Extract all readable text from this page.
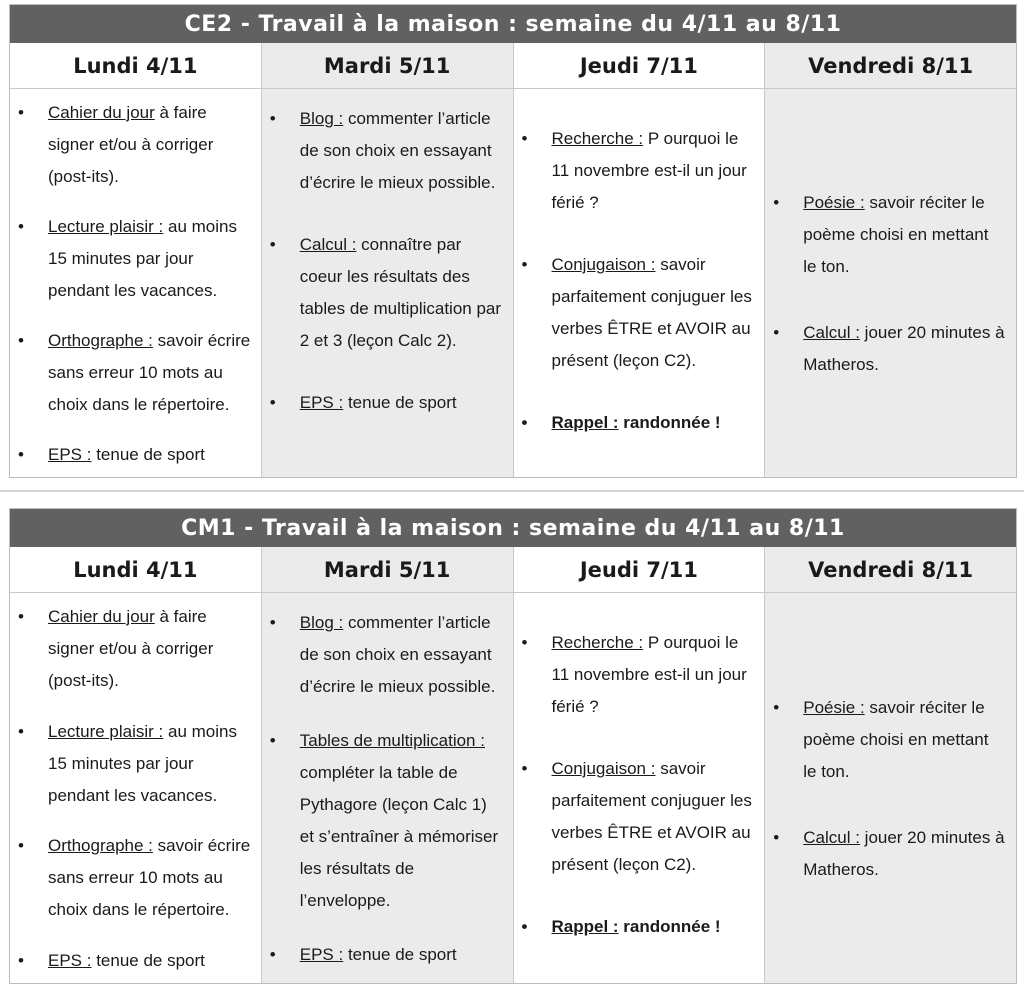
CE2 - Travail à la maison : semaine du 4/11 au 8/11
Lundi 4/11
•	Cahier du jour à faire signer et/ou à corriger (post-its).
•	Lecture plaisir : au moins 15 minutes par jour pendant les vacances.
•	Orthographe : savoir écrire sans erreur 10 mots au choix dans le répertoire.
•	EPS : tenue de sport
Mardi 5/11
•	Blog : commenter l’article de son choix en essayant d’écrire le mieux possible.
•	Calcul : connaître par coeur les résultats des tables de multiplication par 2 et 3 (leçon Calc 2).
•	EPS : tenue de sport
Jeudi 7/11
•	Recherche : P ourquoi le 11 novembre est-il un jour férié ?
•	Conjugaison : savoir parfaitement conjuguer les verbes ÊTRE et AVOIR au présent (leçon C2).
•	Rappel : randonnée !
Vendredi 8/11
•	Poésie : savoir réciter le poème choisi en mettant le ton.
•	Calcul : jouer 20 minutes à Matheros.
CM1 - Travail à la maison : semaine du 4/11 au 8/11
Lundi 4/11
•	Cahier du jour à faire signer et/ou à corriger (post-its).
•	Lecture plaisir : au moins 15 minutes par jour pendant les vacances.
•	Orthographe : savoir écrire sans erreur 10 mots au choix dans le répertoire.
•	EPS : tenue de sport
Mardi 5/11
•	Blog : commenter l’article de son choix en essayant d’écrire le mieux possible.
•	Tables de multiplication : compléter la table de Pythagore (leçon Calc 1) et s’entraîner à mémoriser les résultats de l’enveloppe.
•	EPS : tenue de sport
Jeudi 7/11
•	Recherche : P ourquoi le 11 novembre est-il un jour férié ?
•	Conjugaison : savoir parfaitement conjuguer les verbes ÊTRE et AVOIR au présent (leçon C2).
•	Rappel : randonnée !
Vendredi 8/11
•	Poésie : savoir réciter le poème choisi en mettant le ton.
•	Calcul : jouer 20 minutes à Matheros.
